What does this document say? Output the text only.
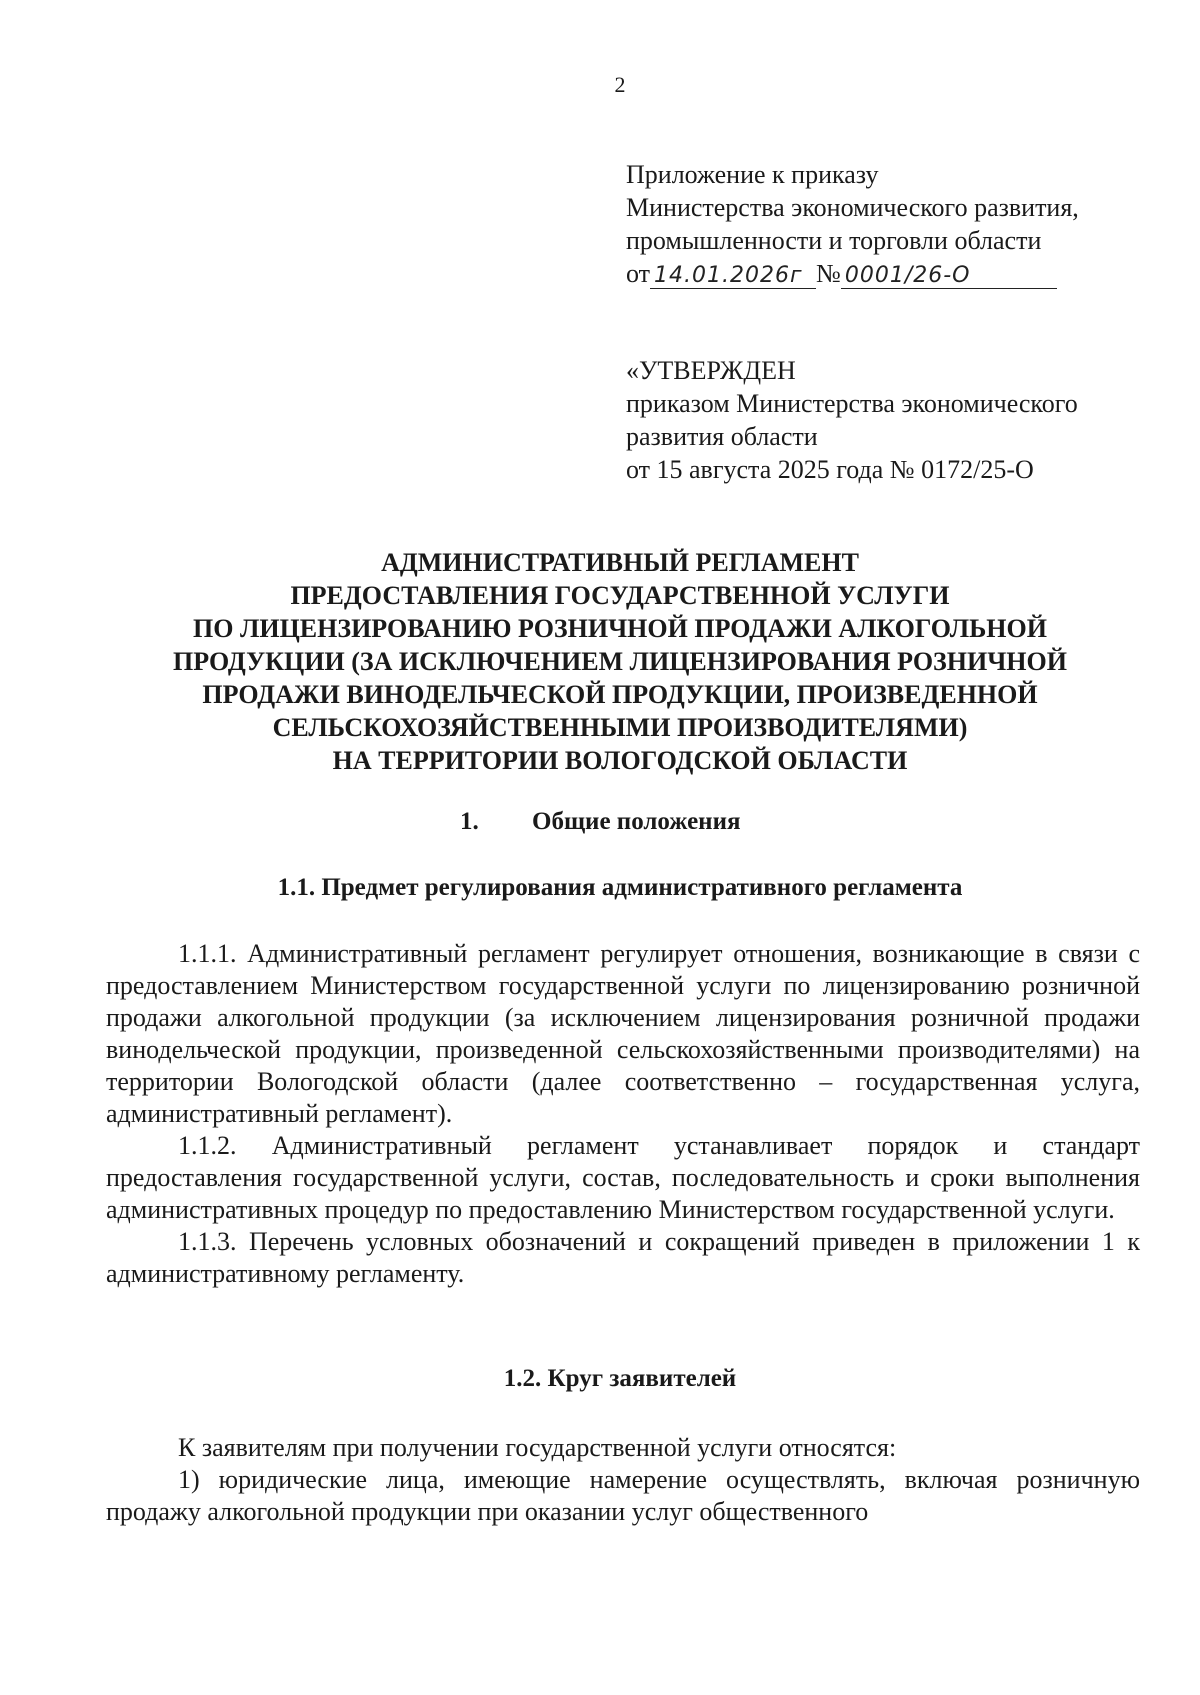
2
Приложение к приказу
Министерства экономического развития,
промышленности и торговли области
от 14.01.2026г № 0001/26-О
«УТВЕРЖДЕН
приказом Министерства экономического
развития области
от 15 августа 2025 года № 0172/25-О
АДМИНИСТРАТИВНЫЙ РЕГЛАМЕНТ
ПРЕДОСТАВЛЕНИЯ ГОСУДАРСТВЕННОЙ УСЛУГИ
ПО ЛИЦЕНЗИРОВАНИЮ РОЗНИЧНОЙ ПРОДАЖИ АЛКОГОЛЬНОЙ
ПРОДУКЦИИ (ЗА ИСКЛЮЧЕНИЕМ ЛИЦЕНЗИРОВАНИЯ РОЗНИЧНОЙ
ПРОДАЖИ ВИНОДЕЛЬЧЕСКОЙ ПРОДУКЦИИ, ПРОИЗВЕДЕННОЙ
СЕЛЬСКОХОЗЯЙСТВЕННЫМИ ПРОИЗВОДИТЕЛЯМИ)
НА ТЕРРИТОРИИ ВОЛОГОДСКОЙ ОБЛАСТИ
1. Общие положения
1.1. Предмет регулирования административного регламента

1.1.1. Административный регламент регулирует отношения, возникающие в связи с предоставлением Министерством государственной услуги по лицензированию розничной продажи алкогольной продукции (за исключением лицензирования розничной продажи винодельческой продукции, произведенной сельскохозяйственными производителями) на территории Вологодской области (далее соответственно – государственная услуга, административный регламент).

1.1.2. Административный регламент устанавливает порядок и стандарт предоставления государственной услуги, состав, последовательность и сроки выполнения административных процедур по предоставлению Министерством государственной услуги.

1.1.3. Перечень условных обозначений и сокращений приведен в приложении 1 к административному регламенту.

1.2. Круг заявителей

К заявителям при получении государственной услуги относятся:

1) юридические лица, имеющие намерение осуществлять, включая розничную продажу алкогольной продукции при оказании услуг общественного
